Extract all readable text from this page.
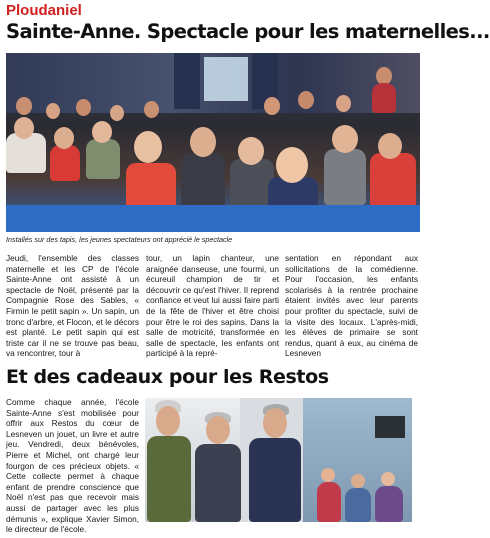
Ploudaniel
Sainte-Anne. Spectacle pour les maternelles...
Installés sur des tapis, les jeunes spectateurs ont apprécié le spectacle
Jeudi, l'ensemble des classes maternelle et les CP de l'école Sainte-Anne ont assisté à un spectacle de Noël, présenté par la Compagnie Rose des Sables, « Firmin le petit sapin ». Un sapin, un tronc d'arbre, et Flocon, et le décors est planté. Le petit sapin qui est triste car il ne se trouve pas beau, va rencontrer, tour à
tour, un lapin chanteur, une araignée danseuse, une fourmi, un écureuil champion de tir et découvrir ce qu'est l'hiver. Il reprend confiance et veut lui aussi faire parti de la fête de l'hiver et être choisi pour être le roi des sapins. Dans la salle de motricité, transformée en salle de spectacle, les enfants ont participé à la repré-
sentation en répondant aux sollicitations de la comédienne. Pour l'occasion, les enfants scolarisés à la rentrée prochaine étaient invités avec leur parents pour profiter du spectacle, suivi de la visite des locaux. L'après-midi, les élèves de primaire se sont rendus, quant à eux, au cinéma de Lesneven
Et des cadeaux pour les Restos
Comme chaque année, l'école Sainte-Anne s'est mobilisée pour offrir aux Restos du cœur de Lesneven un jouet, un livre et autre jeu. Vendredi, deux bénévoles, Pierre et Michel, ont chargé leur fourgon de ces précieux objets. « Cette collecte permet à chaque enfant de prendre conscience que Noël n'est pas que recevoir mais aussi de partager avec les plus démunis », explique Xavier Simon, le directeur de l'école.
